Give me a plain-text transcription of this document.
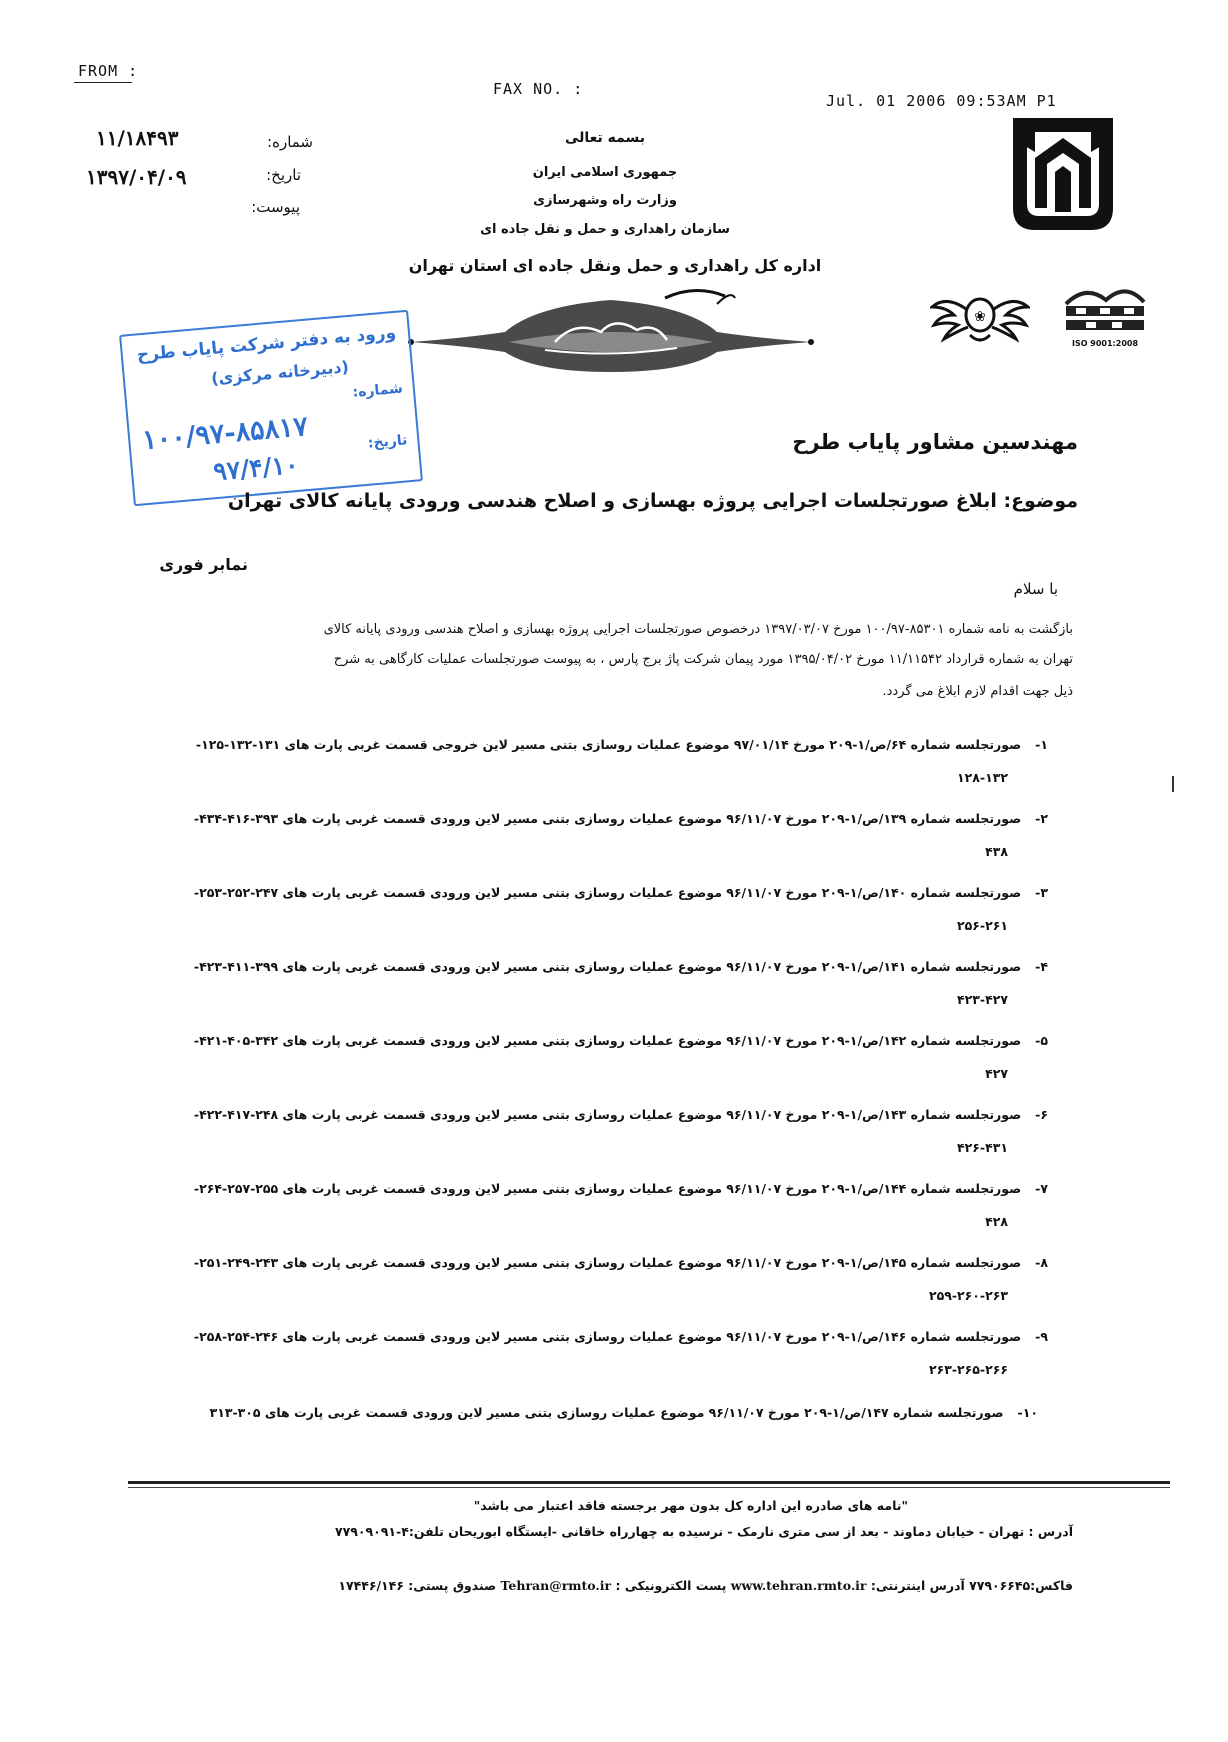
FROM :
FAX NO. :
Jul. 01 2006 09:53AM P1
شماره:
۱۱/۱۸۴۹۳
تاریخ:
۱۳۹۷/۰۴/۰۹
پیوست:
بسمه تعالی
جمهوری اسلامی ایران
وزارت راه وشهرسازی
سازمان راهداری و حمل و نقل جاده ای
اداره کل راهداری و حمل ونقل جاده ای استان تهران
❀
ISO 9001:2008
ورود به دفتر شرکت پایاب طرح
(دبیرخانه مرکزی)
شماره:
۱۰۰/۹۷-۸۵۸۱۷	تاریخ:
۹۷/۴/۱۰
مهندسین مشاور پایاب طرح
موضوع: ابلاغ صورتجلسات اجرایی پروژه بهسازی و اصلاح هندسی ورودی پایانه کالای تهران
نمابر فوری
با سلام
بازگشت به نامه شماره ۸۵۳۰۱-۱۰۰/۹۷ مورخ ۱۳۹۷/۰۳/۰۷ درخصوص صورتجلسات اجرایی پروژه بهسازی و اصلاح هندسی ورودی پایانه کالای
تهران به شماره قرارداد ۱۱/۱۱۵۴۲ مورخ ۱۳۹۵/۰۴/۰۲ مورد پیمان شرکت پاژ برج پارس ، به پیوست صورتجلسات عملیات کارگاهی به شرح
ذیل جهت اقدام لازم ابلاغ می گردد.
۱-صورتجلسه شماره ۶۴/ص/۱-۲۰۹ مورخ ۹۷/۰۱/۱۴ موضوع عملیات روسازی بتنی مسیر لاین خروجی قسمت غربی پارت های ۱۳۱-۱۳۲-۱۲۵-
۱۲۸-۱۳۲
۲-صورتجلسه شماره ۱۳۹/ص/۱-۲۰۹ مورخ ۹۶/۱۱/۰۷ موضوع عملیات روسازی بتنی مسیر لاین ورودی قسمت غربی پارت های ۳۹۳-۴۱۶-۴۳۴-
۴۳۸
۳-صورتجلسه شماره ۱۴۰/ص/۱-۲۰۹ مورخ ۹۶/۱۱/۰۷ موضوع عملیات روسازی بتنی مسیر لاین ورودی قسمت غربی پارت های ۲۴۷-۲۵۲-۲۵۳-
۲۵۶-۲۶۱
۴-صورتجلسه شماره ۱۴۱/ص/۱-۲۰۹ مورخ ۹۶/۱۱/۰۷ موضوع عملیات روسازی بتنی مسیر لاین ورودی قسمت غربی پارت های ۳۹۹-۴۱۱-۴۲۳-
۴۲۳-۴۲۷
۵-صورتجلسه شماره ۱۴۲/ص/۱-۲۰۹ مورخ ۹۶/۱۱/۰۷ موضوع عملیات روسازی بتنی مسیر لاین ورودی قسمت غربی پارت های ۳۴۲-۴۰۵-۴۲۱-
۴۲۷
۶-صورتجلسه شماره ۱۴۳/ص/۱-۲۰۹ مورخ ۹۶/۱۱/۰۷ موضوع عملیات روسازی بتنی مسیر لاین ورودی قسمت غربی پارت های ۲۴۸-۴۱۷-۴۲۲-
۴۲۶-۴۳۱
۷-صورتجلسه شماره ۱۴۴/ص/۱-۲۰۹ مورخ ۹۶/۱۱/۰۷ موضوع عملیات روسازی بتنی مسیر لاین ورودی قسمت غربی پارت های ۲۵۵-۲۵۷-۲۶۴-
۴۲۸
۸-صورتجلسه شماره ۱۴۵/ص/۱-۲۰۹ مورخ ۹۶/۱۱/۰۷ موضوع عملیات روسازی بتنی مسیر لاین ورودی قسمت غربی پارت های ۲۴۳-۲۴۹-۲۵۱-
۲۵۹-۲۶۰-۲۶۳
۹-صورتجلسه شماره ۱۴۶/ص/۱-۲۰۹ مورخ ۹۶/۱۱/۰۷ موضوع عملیات روسازی بتنی مسیر لاین ورودی قسمت غربی پارت های ۲۴۶-۲۵۴-۲۵۸-
۲۶۳-۲۶۵-۲۶۶
۱۰-صورتجلسه شماره ۱۴۷/ص/۱-۲۰۹ مورخ ۹۶/۱۱/۰۷ موضوع عملیات روسازی بتنی مسیر لاین ورودی قسمت غربی پارت های ۳۰۵-۳۱۳
"نامه های صادره این اداره کل بدون مهر برجسته فاقد اعتبار می باشد"
آدرس : تهران - خیابان دماوند - بعد از سی متری نارمک - نرسیده به چهارراه خاقانی -ایستگاه ابوریحان تلفن:۴-۷۷۹۰۹۰۹۱
فاکس:۷۷۹۰۶۶۴۵ آدرس اینترنتی: www.tehran.rmto.ir پست الکترونیکی : Tehran@rmto.ir صندوق پستی: ۱۷۴۴۶/۱۴۶
